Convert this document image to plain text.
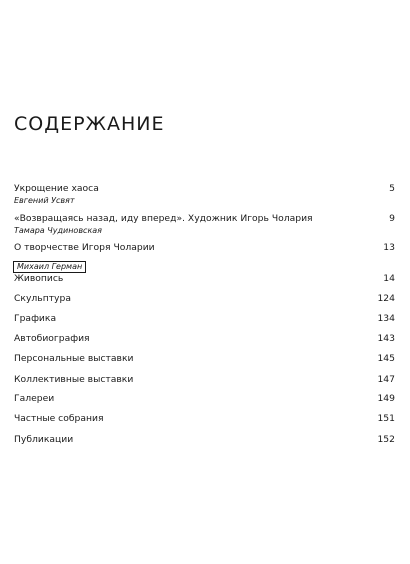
СОДЕРЖАНИЕ
Укрощение хаоса	5
Евгений Усвят
«Возвращаясь назад, иду вперед». Художник Игорь Чолария	9
Тамара Чудиновская
О творчестве Игоря Чоларии	13
Михаил Герман
Живопись	14
Скульптура	124
Графика	134
Автобиография	143
Персональные выставки	145
Коллективные выставки	147
Галереи	149
Частные собрания	151
Публикации	152
